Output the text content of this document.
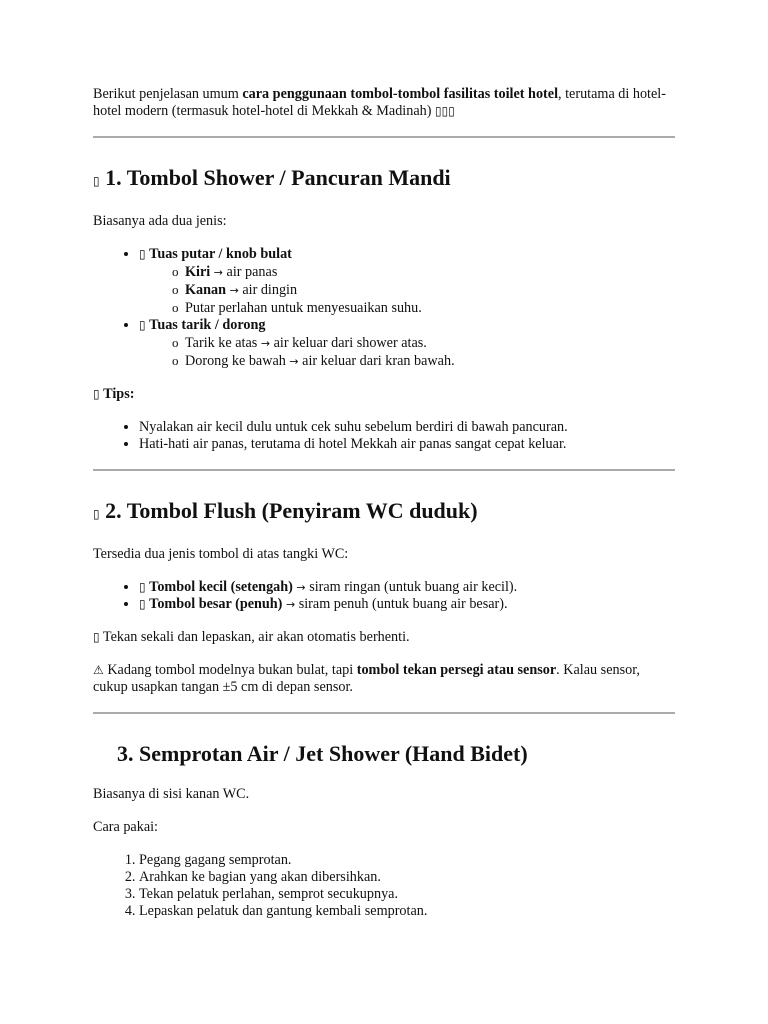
Berikut penjelasan umum cara penggunaan tombol-tombol fasilitas toilet hotel, terutama di hotel-hotel modern (termasuk hotel-hotel di Mekkah & Madinah) ▯▯▯

▯ 1. Tombol Shower / Pancuran Mandi

Biasanya ada dua jenis:

• ▯ Tuas putar / knob bulat
◦ Kiri → air panas
◦ Kanan → air dingin
◦ Putar perlahan untuk menyesuaikan suhu.
• ▯ Tuas tarik / dorong
◦ Tarik ke atas → air keluar dari shower atas.
◦ Dorong ke bawah → air keluar dari kran bawah.

▯ Tips:

• Nyalakan air kecil dulu untuk cek suhu sebelum berdiri di bawah pancuran.
• Hati-hati air panas, terutama di hotel Mekkah air panas sangat cepat keluar.
▯ 2. Tombol Flush (Penyiram WC duduk)

Tersedia dua jenis tombol di atas tangki WC:

• ▯ Tombol kecil (setengah) → siram ringan (untuk buang air kecil).
• ▯ Tombol besar (penuh) → siram penuh (untuk buang air besar).

▯ Tekan sekali dan lepaskan, air akan otomatis berhenti.

⚠ Kadang tombol modelnya bukan bulat, tapi tombol tekan persegi atau sensor. Kalau sensor, cukup usapkan tangan ±5 cm di depan sensor.

3. Semprotan Air / Jet Shower (Hand Bidet)

Biasanya di sisi kanan WC.

Cara pakai:

1. Pegang gagang semprotan.
2. Arahkan ke bagian yang akan dibersihkan.
3. Tekan pelatuk perlahan, semprot secukupnya.
4. Lepaskan pelatuk dan gantung kembali semprotan.
